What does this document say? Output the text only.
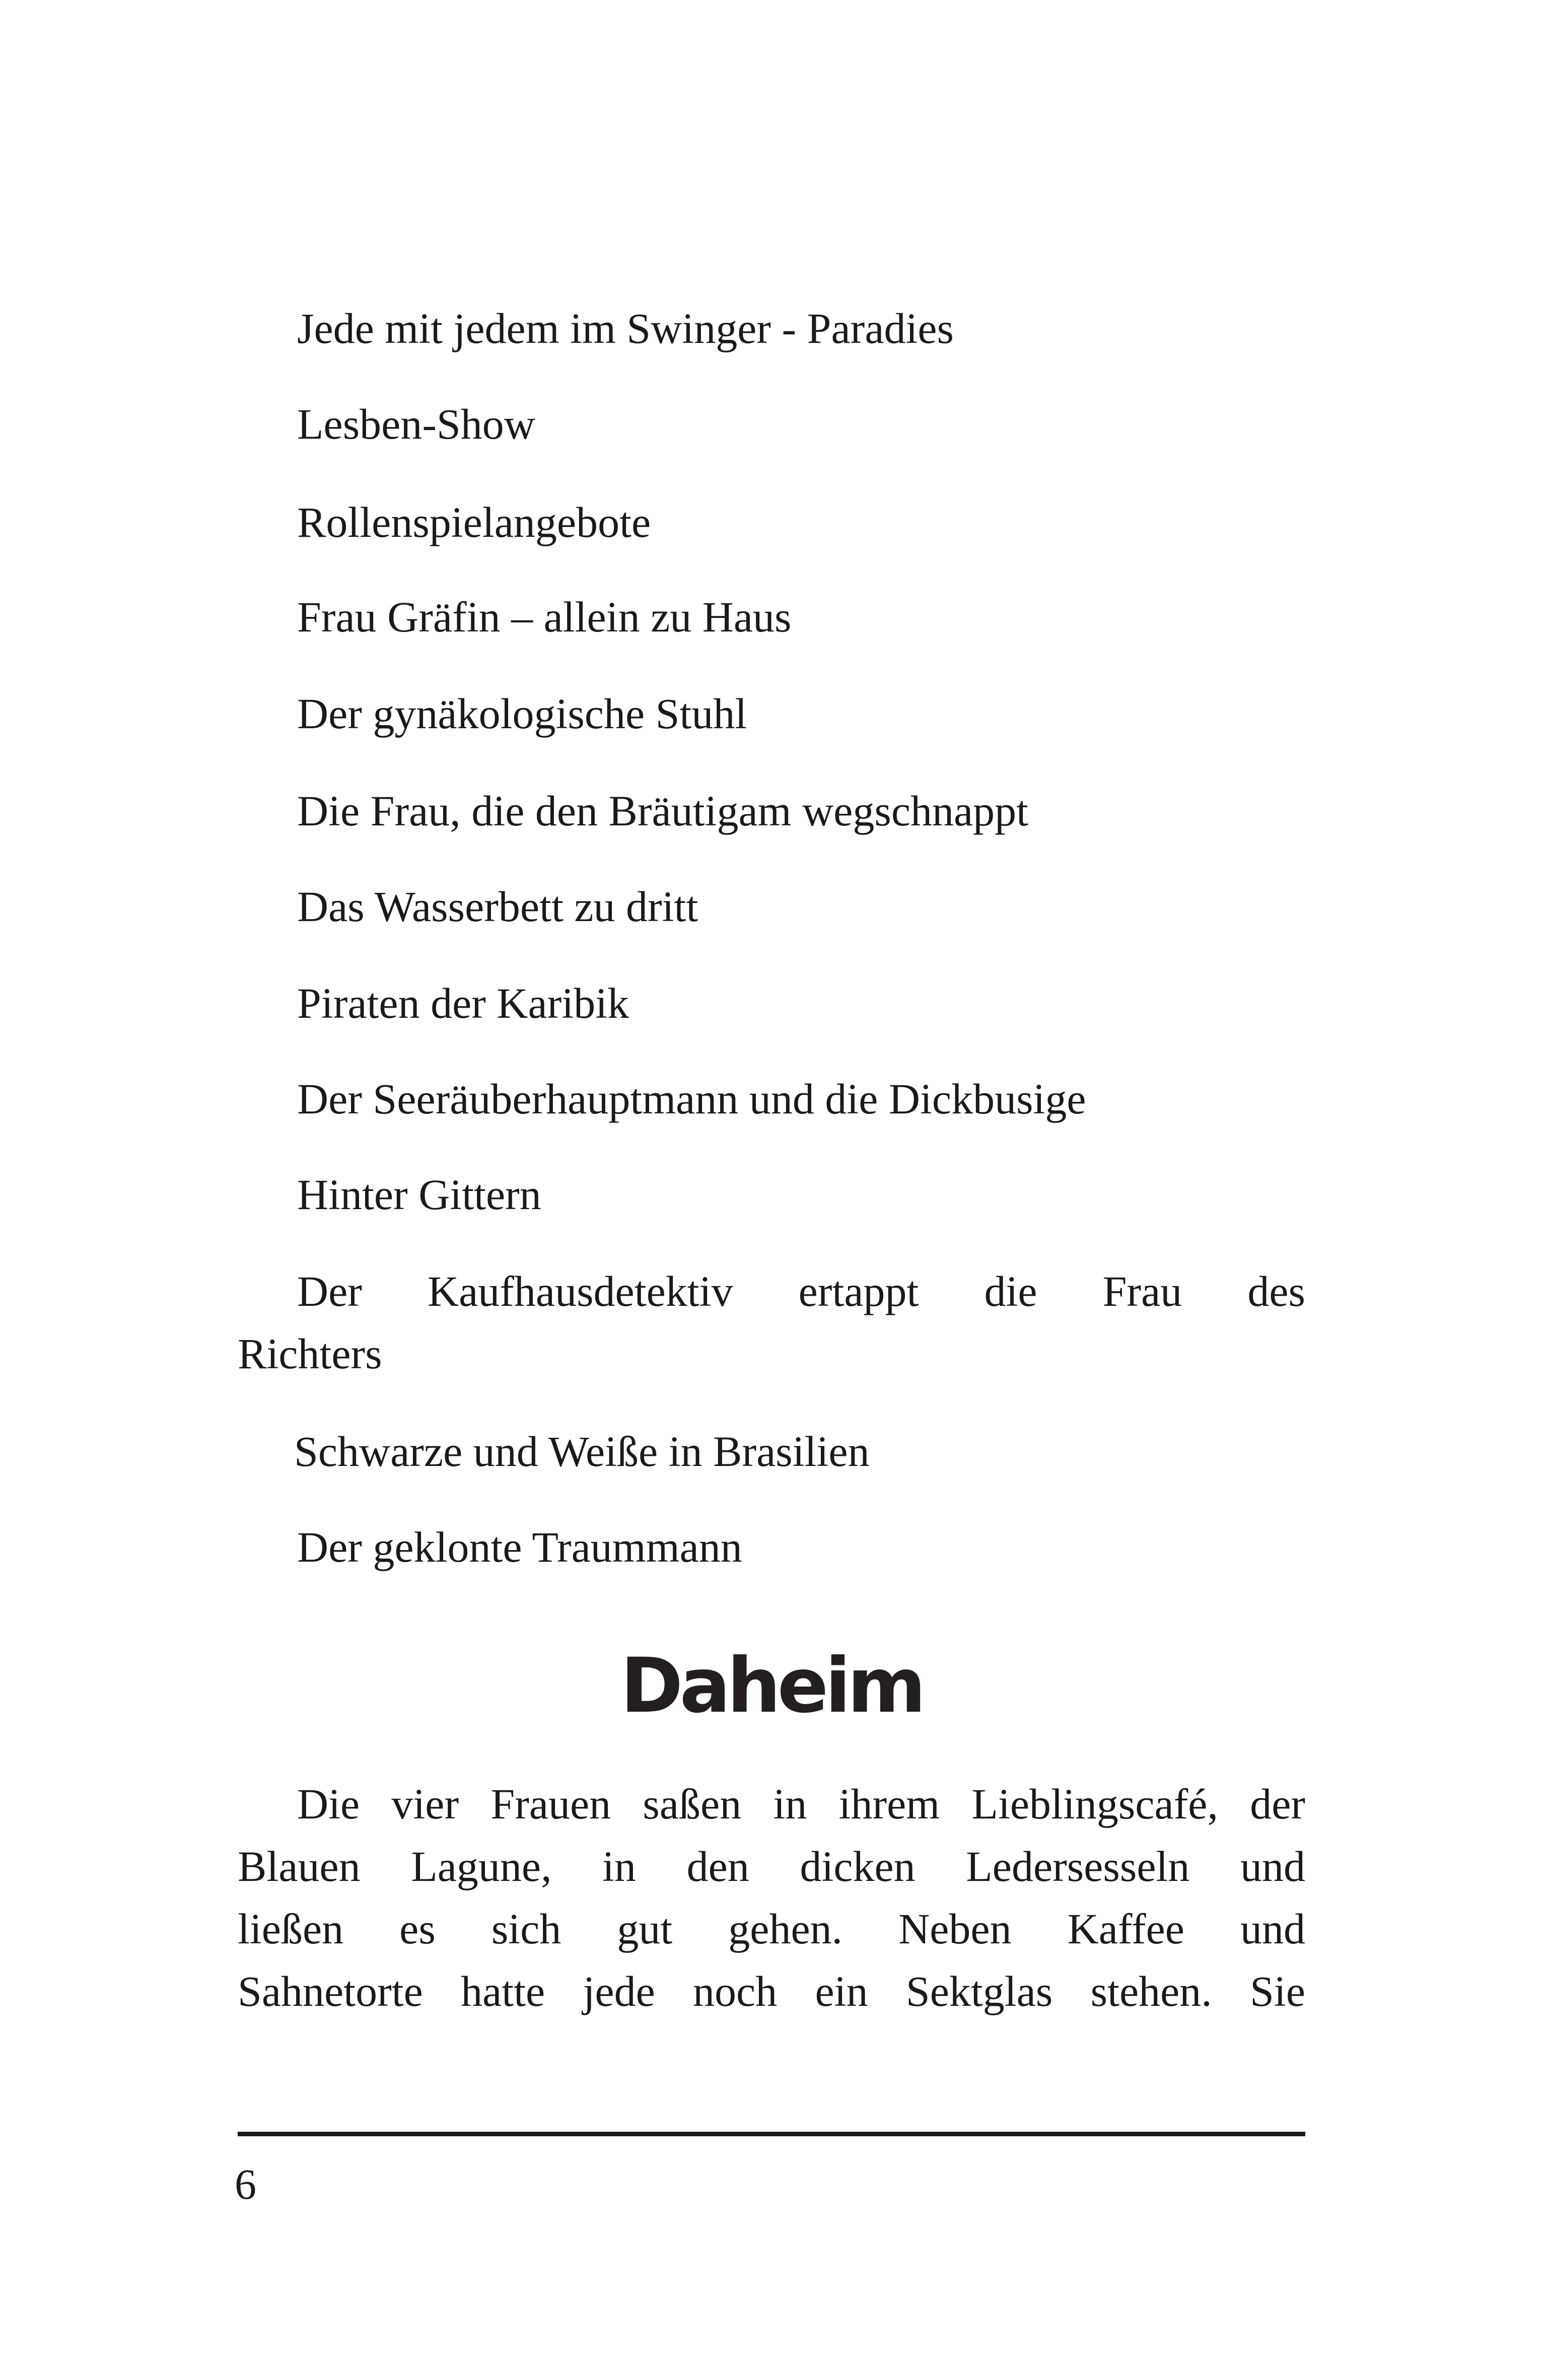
Jede mit jedem im Swinger - Paradies
Lesben-Show
Rollenspielangebote
Frau Gräfin – allein zu Haus
Der gynäkologische Stuhl
Die Frau, die den Bräutigam wegschnappt
Das Wasserbett zu dritt
Piraten der Karibik
Der Seeräuberhauptmann und die Dickbusige
Hinter Gittern
Der Kaufhausdetektiv ertappt die Frau des
Richters
Schwarze und Weiße in Brasilien
Der geklonte Traummann
Daheim
Die vier Frauen saßen in ihrem Lieblingscafé, der
Blauen Lagune, in den dicken Ledersesseln und
ließen es sich gut gehen. Neben Kaffee und
Sahnetorte hatte jede noch ein Sektglas stehen. Sie
6
